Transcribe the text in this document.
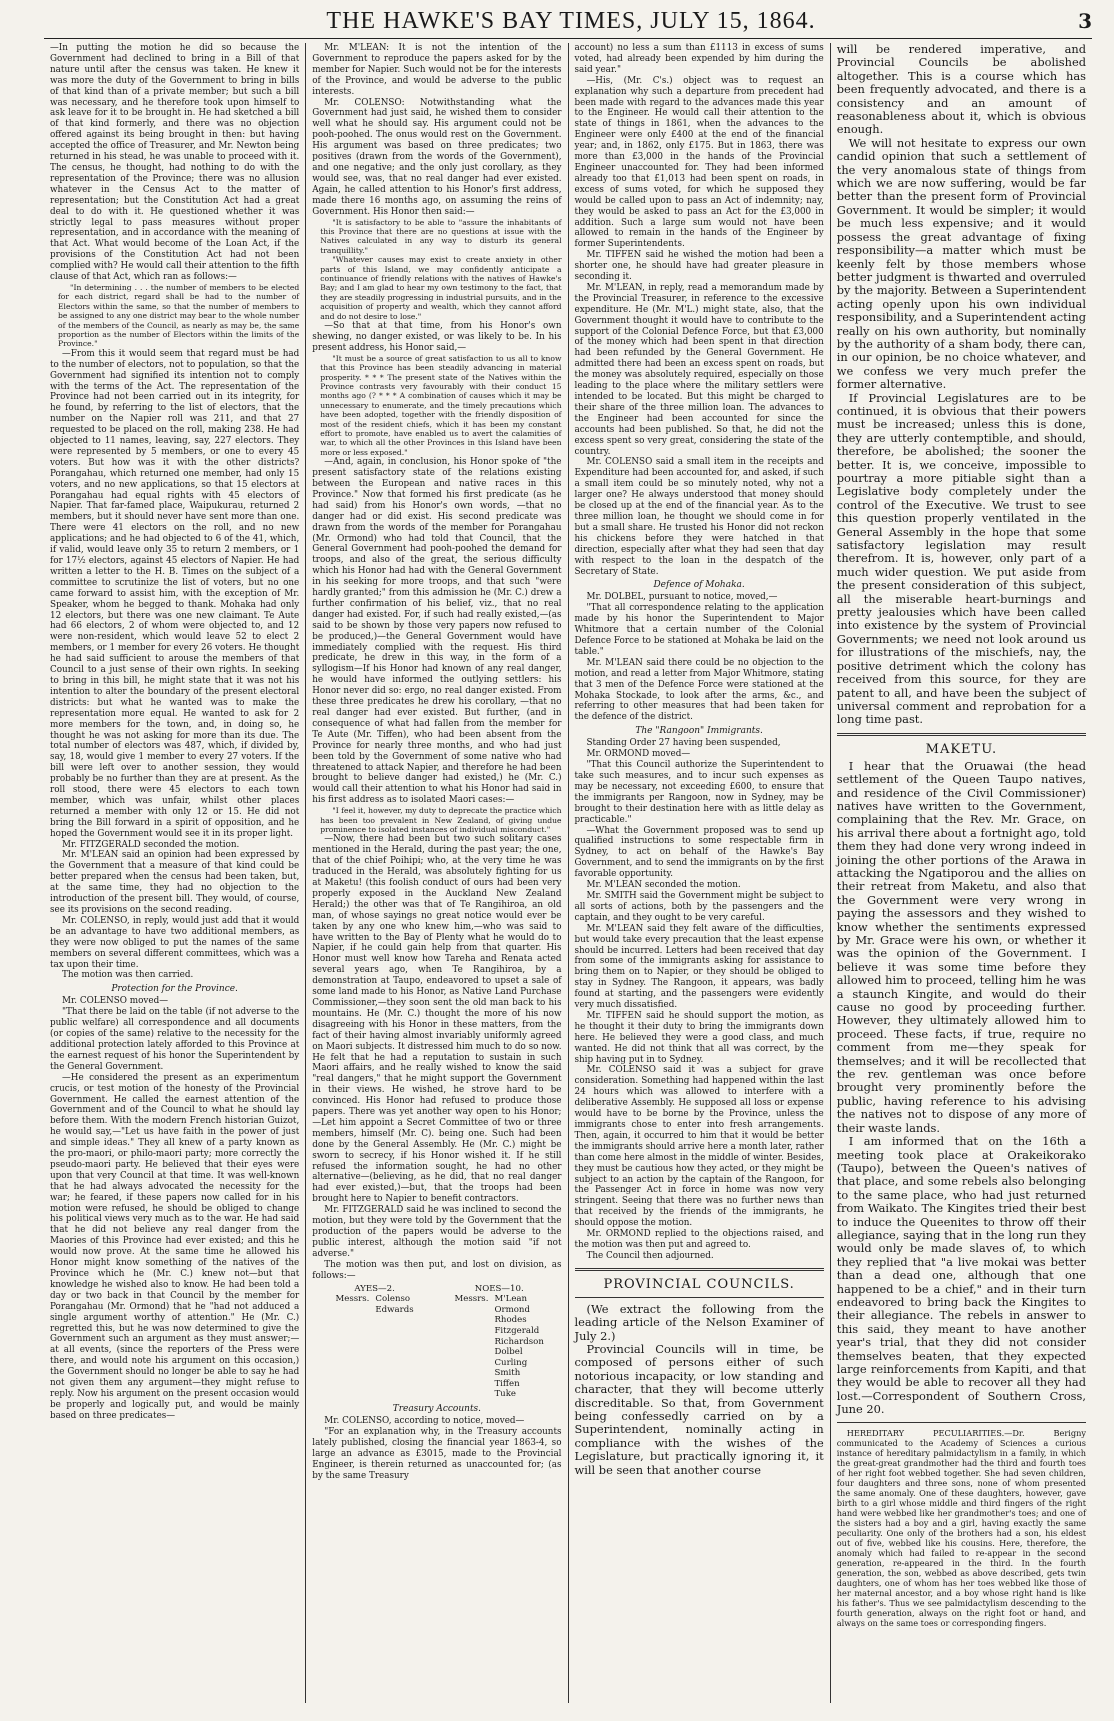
THE HAWKE'S BAY TIMES, JULY 15, 1864.	3

—In putting the motion he did so because the Government had declined to bring in a Bill of that nature until after the census was taken. He knew it was more the duty of the Government to bring in bills of that kind than of a private member; but such a bill was necessary, and he therefore took upon himself to ask leave for it to be brought in. He had sketched a bill of that kind formerly, and there was no objection offered against its being brought in then: but having accepted the office of Treasurer, and Mr. Newton being returned in his stead, he was unable to proceed with it. The census, he thought, had nothing to do with the representation of the Province; there was no allusion whatever in the Census Act to the matter of representation; but the Constitution Act had a great deal to do with it. He questioned whether it was strictly legal to pass measures without proper representation, and in accordance with the meaning of that Act. What would become of the Loan Act, if the provisions of the Constitution Act had not been complied with? He would call their attention to the fifth clause of that Act, which ran as follows:—

"In determining . . . the number of members to be elected for each district, regard shall be had to the number of Electors within the same, so that the number of members to be assigned to any one district may bear to the whole number of the members of the Council, as nearly as may be, the same proportion as the number of Electors within the limits of the Province."

—From this it would seem that regard must be had to the number of electors, not to population, so that the Government had signified its intention not to comply with the terms of the Act. The representation of the Province had not been carried out in its integrity, for he found, by referring to the list of electors, that the number on the Napier roll was 211, and that 27 requested to be placed on the roll, making 238. He had objected to 11 names, leaving, say, 227 electors. They were represented by 5 members, or one to every 45 voters. But how was it with the other districts? Porangahau, which returned one member, had only 15 voters, and no new applications, so that 15 electors at Porangahau had equal rights with 45 electors of Napier. That far-famed place, Waipukurau, returned 2 members, but it should never have sent more than one. There were 41 electors on the roll, and no new applications; and he had objected to 6 of the 41, which, if valid, would leave only 35 to return 2 members, or 1 for 17½ electors, against 45 electors of Napier. He had written a letter to the H. B. Times on the subject of a committee to scrutinize the list of voters, but no one came forward to assist him, with the exception of Mr. Speaker, whom he begged to thank. Mohaka had only 12 electors, but there was one new claimant. Te Aute had 66 electors, 2 of whom were objected to, and 12 were non-resident, which would leave 52 to elect 2 members, or 1 member for every 26 voters. He thought he had said sufficient to arouse the members of that Council to a just sense of their own rights. In seeking to bring in this bill, he might state that it was not his intention to alter the boundary of the present electoral districts: but what he wanted was to make the representation more equal. He wanted to ask for 2 more members for the town, and, in doing so, he thought he was not asking for more than its due. The total number of electors was 487, which, if divided by, say, 18, would give 1 member to every 27 voters. If the bill were left over to another session, they would probably be no further than they are at present. As the roll stood, there were 45 electors to each town member, which was unfair, whilst other places returned a member with only 12 or 15. He did not bring the Bill forward in a spirit of opposition, and he hoped the Government would see it in its proper light.

Mr. FITZGERALD seconded the motion.

Mr. M'LEAN said an opinion had been expressed by the Government that a measure of that kind could be better prepared when the census had been taken, but, at the same time, they had no objection to the introduction of the present bill. They would, of course, see its provisions on the second reading.

Mr. COLENSO, in reply, would just add that it would be an advantage to have two additional members, as they were now obliged to put the names of the same members on several different committees, which was a tax upon their time.

The motion was then carried.

Protection for the Province.

Mr. COLENSO moved—

"That there be laid on the table (if not adverse to the public welfare) all correspondence and all documents (or copies of the same) relative to the necessity for the additional protection lately afforded to this Province at the earnest request of his honor the Superintendent by the General Government.

—He considered the present as an experimentum crucis, or test motion of the honesty of the Provincial Government. He called the earnest attention of the Government and of the Council to what he should lay before them. With the modern French historian Guizot, he would say,—"Let us have faith in the power of just and simple ideas." They all knew of a party known as the pro-maori, or philo-maori party; more correctly the pseudo-maori party. He believed that their eyes were upon that very Council at that time. It was well-known that he had always advocated the necessity for the war; he feared, if these papers now called for in his motion were refused, he should be obliged to change his political views very much as to the war. He had said that he did not believe any real danger from the Maories of this Province had ever existed; and this he would now prove. At the same time he allowed his Honor might know something of the natives of the Province which he (Mr. C.) knew not—but that knowledge he wished also to know. He had been told a day or two back in that Council by the member for Porangahau (Mr. Ormond) that he "had not adduced a single argument worthy of attention." He (Mr. C.) regretted this, but he was now determined to give the Government such an argument as they must answer;—at all events, (since the reporters of the Press were there, and would note his argument on this occasion,) the Government should no longer be able to say he had not given them any argument—they might refuse to reply. Now his argument on the present occasion would be properly and logically put, and would be mainly based on three predicates—

Mr. M'LEAN: It is not the intention of the Government to reproduce the papers asked for by the member for Napier. Such would not be for the interests of the Province, and would be adverse to the public interests.

Mr. COLENSO: Notwithstanding what the Government had just said, he wished them to consider well what he should say. His argument could not be pooh-poohed. The onus would rest on the Government. His argument was based on three predicates; two positives (drawn from the words of the Government), and one negative; and the only just corollary, as they would see, was, that no real danger had ever existed. Again, he called attention to his Honor's first address, made there 16 months ago, on assuming the reins of Government. His Honor then said:—

"It is satisfactory to be able to "assure the inhabitants of this Province that there are no questions at issue with the Natives calculated in any way to disturb its general tranquillity."

"Whatever causes may exist to create anxiety in other parts of this Island, we may confidently anticipate a continuance of friendly relations with the natives of Hawke's Bay; and I am glad to hear my own testimony to the fact, that they are steadily progressing in industrial pursuits, and in the acquisition of property and wealth, which they cannot afford and do not desire to lose."

—So that at that time, from his Honor's own shewing, no danger existed, or was likely to be. In his present address, his Honor said,—

"It must be a source of great satisfaction to us all to know that this Province has been steadily advancing in material prosperity. * * * The present state of the Natives within the Province contrasts very favourably with their conduct 15 months ago (? * * * A combination of causes which it may be unnecessary to enumerate, and the timely precautions which have been adopted, together with the friendly disposition of most of the resident chiefs, which it has been my constant effort to promote, have enabled us to avert the calamities of war, to which all the other Provinces in this Island have been more or less exposed."

—And, again, in conclusion, his Honor spoke of "the present satisfactory state of the relations existing between the European and native races in this Province." Now that formed his first predicate (as he had said) from his Honor's own words, —that no danger had or did exist. His second predicate was drawn from the words of the member for Porangahau (Mr. Ormond) who had told that Council, that the General Government had pooh-poohed the demand for troops, and also of the great, the serious difficulty which his Honor had had with the General Government in his seeking for more troops, and that such "were hardly granted;" from this admission he (Mr. C.) drew a further confirmation of his belief, viz., that no real danger had existed. For, if such had really existed,—(as said to be shown by those very papers now refused to be produced,)—the General Government would have immediately complied with the request. His third predicate, he drew in this way, in the form of a syllogism—If his Honor had known of any real danger, he would have informed the outlying settlers: his Honor never did so: ergo, no real danger existed. From these three predicates he drew his corollary, —that no real danger had ever existed. But further, (and in consequence of what had fallen from the member for Te Aute (Mr. Tiffen), who had been absent from the Province for nearly three months, and who had just been told by the Government of some native who had threatened to attack Napier, and therefore he had been brought to believe danger had existed,) he (Mr. C.) would call their attention to what his Honor had said in his first address as to isolated Maori cases:—

"I feel it, however, my duty to deprecate the practice which has been too prevalent in New Zealand, of giving undue prominence to isolated instances of individual misconduct."

—Now, there had been but two such solitary cases mentioned in the Herald, during the past year; the one, that of the chief Poihipi; who, at the very time he was traduced in the Herald, was absolutely fighting for us at Maketu! (this foolish conduct of ours had been very properly exposed in the Auckland New Zealand Herald;) the other was that of Te Rangihiroa, an old man, of whose sayings no great notice would ever be taken by any one who knew him,—who was said to have written to the Bay of Plenty what he would do to Napier, if he could gain help from that quarter. His Honor must well know how Tareha and Renata acted several years ago, when Te Rangihiroa, by a demonstration at Taupo, endeavored to upset a sale of some land made to his Honor, as Native Land Purchase Commissioner,—they soon sent the old man back to his mountains. He (Mr. C.) thought the more of his now disagreeing with his Honor in these matters, from the fact of their having almost invariably uniformly agreed on Maori subjects. It distressed him much to do so now. He felt that he had a reputation to sustain in such Maori affairs, and he really wished to know the said "real dangers," that he might support the Government in their views. He wished, he strove hard to be convinced. His Honor had refused to produce those papers. There was yet another way open to his Honor;—Let him appoint a Secret Committee of two or three members, himself (Mr. C). being one. Such had been done by the General Assembly. He (Mr. C.) might be sworn to secrecy, if his Honor wished it. If he still refused the information sought, he had no other alternative—(believing, as he did, that no real danger had ever existed,)—but, that the troops had been brought here to Napier to benefit contractors.

Mr. FITZGERALD said he was inclined to second the motion, but they were told by the Government that the production of the papers would be adverse to the public interest, although the motion said "if not adverse."

The motion was then put, and lost on division, as follows:—

AYES—2.
Messrs. Colenso
Edwards
NOES—10.
Messrs. M'Lean
Ormond
Rhodes
Fitzgerald
Richardson
Dolbel
Curling
Smith
Tiffen
Tuke
Treasury Accounts.

Mr. COLENSO, according to notice, moved—

"For an explanation why, in the Treasury accounts lately published, closing the financial year 1863-4, so large an advance as £3015, made to the Provincial Engineer, is therein returned as unaccounted for; (as by the same Treasury

account) no less a sum than £1113 in excess of sums voted, had already been expended by him during the said year."

—His, (Mr. C's.) object was to request an explanation why such a departure from precedent had been made with regard to the advances made this year to the Engineer. He would call their attention to the state of things in 1861, when the advances to the Engineer were only £400 at the end of the financial year; and, in 1862, only £175. But in 1863, there was more than £3,000 in the hands of the Provincial Engineer unaccounted for. They had been informed already too that £1,013 had been spent on roads, in excess of sums voted, for which he supposed they would be called upon to pass an Act of indemnity; nay, they would be asked to pass an Act for the £3,000 in addition. Such a large sum would not have been allowed to remain in the hands of the Engineer by former Superintendents.

Mr. TIFFEN said he wished the motion had been a shorter one, he should have had greater pleasure in seconding it.

Mr. M'LEAN, in reply, read a memorandum made by the Provincial Treasurer, in reference to the excessive expenditure. He (Mr. M'L.) might state, also, that the Government thought it would have to contribute to the support of the Colonial Defence Force, but that £3,000 of the money which had been spent in that direction had been refunded by the General Government. He admitted there had been an excess spent on roads, but the money was absolutely required, especially on those leading to the place where the military settlers were intended to be located. But this might be charged to their share of the three million loan. The advances to the Engineer had been accounted for since the accounts had been published. So that, he did not the excess spent so very great, considering the state of the country.

Mr. COLENSO said a small item in the receipts and Expenditure had been accounted for, and asked, if such a small item could be so minutely noted, why not a larger one? He always understood that money should be closed up at the end of the financial year. As to the three million loan, he thought we should come in for but a small share. He trusted his Honor did not reckon his chickens before they were hatched in that direction, especially after what they had seen that day with respect to the loan in the despatch of the Secretary of State.

Defence of Mohaka.

Mr. DOLBEL, pursuant to notice, moved,—

"That all correspondence relating to the application made by his honor the Superintendent to Major Whitmore that a certain number of the Colonial Defence Force to be stationed at Mohaka be laid on the table."

Mr. M'LEAN said there could be no objection to the motion, and read a letter from Major Whitmore, stating that 3 men of the Defence Force were stationed at the Mohaka Stockade, to look after the arms, &c., and referring to other measures that had been taken for the defence of the district.

The "Rangoon" Immigrants.

Standing Order 27 having been suspended,

Mr. ORMOND moved—

"That this Council authorize the Superintendent to take such measures, and to incur such expenses as may be necessary, not exceeding £600, to ensure that the immigrants per Rangoon, now in Sydney, may be brought to their destination here with as little delay as practicable."

—What the Government proposed was to send up qualified instructions to some respectable firm in Sydney, to act on behalf of the Hawke's Bay Government, and to send the immigrants on by the first favorable opportunity.

Mr. M'LEAN seconded the motion.

Mr. SMITH said the Government might be subject to all sorts of actions, both by the passengers and the captain, and they ought to be very careful.

Mr. M'LEAN said they felt aware of the difficulties, but would take every precaution that the least expense should be incurred. Letters had been received that day from some of the immigrants asking for assistance to bring them on to Napier, or they should be obliged to stay in Sydney. The Rangoon, it appears, was badly found at starting, and the passengers were evidently very much dissatisfied.

Mr. TIFFEN said he should support the motion, as he thought it their duty to bring the immigrants down here. He believed they were a good class, and much wanted. He did not think that all was correct, by the ship having put in to Sydney.

Mr. COLENSO said it was a subject for grave consideration. Something had happened within the last 24 hours which was allowed to interfere with a deliberative Assembly. He supposed all loss or expense would have to be borne by the Province, unless the immigrants chose to enter into fresh arrangements. Then, again, it occurred to him that it would be better the immigrants should arrive here a month later, rather than come here almost in the middle of winter. Besides, they must be cautious how they acted, or they might be subject to an action by the captain of the Rangoon, for the Passenger Act in force in home was now very stringent. Seeing that there was no further news than that received by the friends of the immigrants, he should oppose the motion.

Mr. ORMOND replied to the objections raised, and the motion was then put and agreed to.

The Council then adjourned.

PROVINCIAL COUNCILS.

(We extract the following from the leading article of the Nelson Examiner of July 2.)

Provincial Councils will in time, be composed of persons either of such notorious incapacity, or low standing and character, that they will become utterly discreditable. So that, from Government being confessedly carried on by a Superintendent, nominally acting in compliance with the wishes of the Legislature, but practically ignoring it, it will be seen that another course

will be rendered imperative, and Provincial Councils be abolished altogether. This is a course which has been frequently advocated, and there is a consistency and an amount of reasonableness about it, which is obvious enough.

We will not hesitate to express our own candid opinion that such a settlement of the very anomalous state of things from which we are now suffering, would be far better than the present form of Provincial Government. It would be simpler; it would be much less expensive; and it would possess the great advantage of fixing responsibility—a matter which must be keenly felt by those members whose better judgment is thwarted and overruled by the majority. Between a Superintendent acting openly upon his own individual responsibility, and a Superintendent acting really on his own authority, but nominally by the authority of a sham body, there can, in our opinion, be no choice whatever, and we confess we very much prefer the former alternative.

If Provincial Legislatures are to be continued, it is obvious that their powers must be increased; unless this is done, they are utterly contemptible, and should, therefore, be abolished; the sooner the better. It is, we conceive, impossible to pourtray a more pitiable sight than a Legislative body completely under the control of the Executive. We trust to see this question properly ventilated in the General Assembly in the hope that some satisfactory legislation may result therefrom. It is, however, only part of a much wider question. We put aside from the present consideration of this subject, all the miserable heart-burnings and pretty jealousies which have been called into existence by the system of Provincial Governments; we need not look around us for illustrations of the mischiefs, nay, the positive detriment which the colony has received from this source, for they are patent to all, and have been the subject of universal comment and reprobation for a long time past.

MAKETU.

I hear that the Oruawai (the head settlement of the Queen Taupo natives, and residence of the Civil Commissioner) natives have written to the Government, complaining that the Rev. Mr. Grace, on his arrival there about a fortnight ago, told them they had done very wrong indeed in joining the other portions of the Arawa in attacking the Ngatiporou and the allies on their retreat from Maketu, and also that the Government were very wrong in paying the assessors and they wished to know whether the sentiments expressed by Mr. Grace were his own, or whether it was the opinion of the Government. I believe it was some time before they allowed him to proceed, telling him he was a staunch Kingite, and would do their cause no good by proceeding further. However, they ultimately allowed him to proceed. These facts, if true, require no comment from me—they speak for themselves; and it will be recollected that the rev. gentleman was once before brought very prominently before the public, having reference to his advising the natives not to dispose of any more of their waste lands.

I am informed that on the 16th a meeting took place at Orakeikorako (Taupo), between the Queen's natives of that place, and some rebels also belonging to the same place, who had just returned from Waikato. The Kingites tried their best to induce the Queenites to throw off their allegiance, saying that in the long run they would only be made slaves of, to which they replied that "a live mokai was better than a dead one, although that one happened to be a chief," and in their turn endeavored to bring back the Kingites to their allegiance. The rebels in answer to this said, they meant to have another year's trial, that they did not consider themselves beaten, that they expected large reinforcements from Kapiti, and that they would be able to recover all they had lost.—Correspondent of Southern Cross, June 20.

HEREDITARY PECULIARITIES.—Dr. Berigny communicated to the Academy of Sciences a curious instance of hereditary palmidactylism in a family, in which the great-great grandmother had the third and fourth toes of her right foot webbed together. She had seven children, four daughters and three sons, none of whom presented the same anomaly. One of these daughters, however, gave birth to a girl whose middle and third fingers of the right hand were webbed like her grandmother's toes; and one of the sisters had a boy and a girl, having exactly the same peculiarity. One only of the brothers had a son, his eldest out of five, webbed like his cousins. Here, therefore, the anomaly which had failed to re-appear in the second generation, re-appeared in the third. In the fourth generation, the son, webbed as above described, gets twin daughters, one of whom has her toes webbed like those of her maternal ancestor, and a boy whose right hand is like his father's. Thus we see palmidactylism descending to the fourth generation, always on the right foot or hand, and always on the same toes or corresponding fingers.
